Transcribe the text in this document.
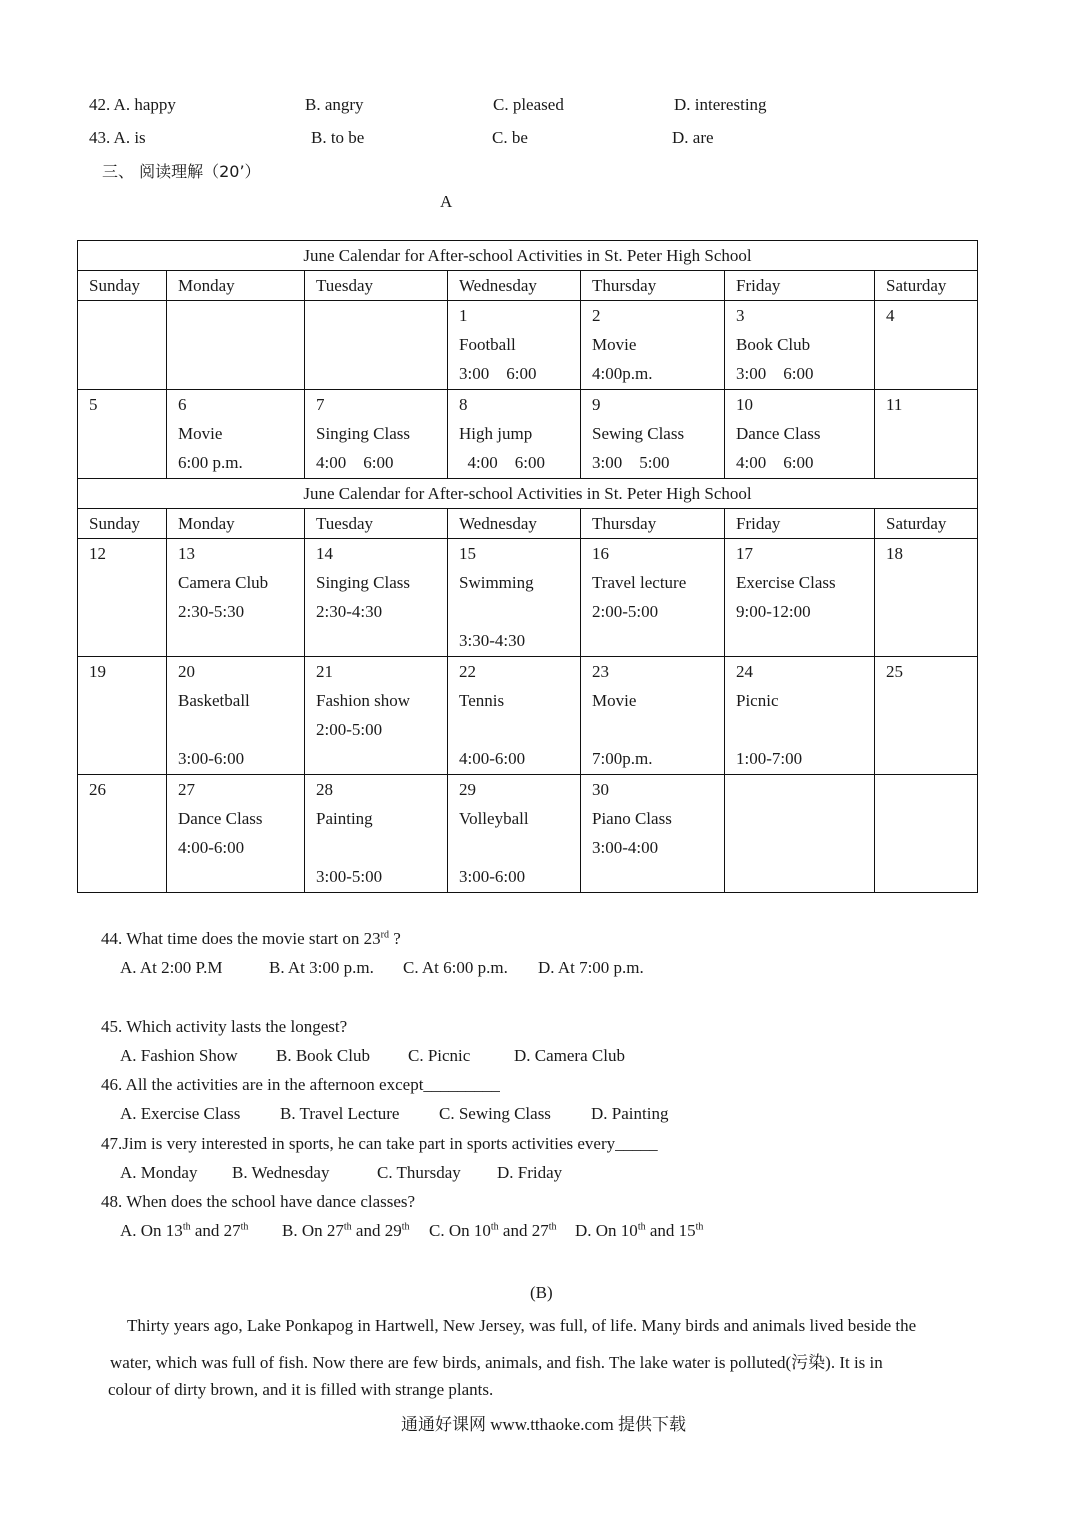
42. A. happy	B. angry	C. pleased	D. interesting
43. A. is	B. to be	C. be	D. are
三、 阅读理解（20’）
A
June Calendar for After-school Activities in St. Peter High School						
Sunday	Monday	Tuesday	Wednesday	Thursday	Friday	Saturday

			1
Football
3:00    6:00	2
Movie
4:00p.m.	3
Book Club
3:00    6:00	4

5	6
Movie
6:00 p.m.	7
Singing Class
4:00    6:00	8
High jump
4:00    6:00	9
Sewing Class
3:00    5:00	10
Dance Class
4:00    6:00	11

June Calendar for After-school Activities in St. Peter High School						
Sunday	Monday	Tuesday	Wednesday	Thursday	Friday	Saturday

12	13
Camera Club
2:30-5:30	14
Singing Class
2:30-4:30	15
Swimming
3:30-4:30	16
Travel lecture
2:00-5:00	17
Exercise Class
9:00-12:00	18

19	20
Basketball
3:00-6:00	21
Fashion show
2:00-5:00	22
Tennis
4:00-6:00	23
Movie
7:00p.m.	24
Picnic
1:00-7:00	25

26	27
Dance Class
4:00-6:00	28
Painting
3:00-5:00	29
Volleyball
3:00-6:00	30
Piano Class
3:00-4:00		

44. What time does the movie start on 23rd ?
A. At 2:00 P.M	B. At 3:00 p.m. C. At 6:00 p.m. D. At 7:00 p.m.
45. Which activity lasts the longest?
A. Fashion Show B. Book Club C. Picnic	D. Camera Club
46. All the activities are in the afternoon except_________
A. Exercise Class B. Travel Lecture C. Sewing Class D. Painting
47.Jim is very interested in sports, he can take part in sports activities every_____
A. Monday B. Wednesday	C. Thursday D. Friday
48. When does the school have dance classes?
A. On 13th and 27th B. On 27th and 29th C. On 10th and 27th D. On 10th and 15th
(B)
Thirty years ago, Lake Ponkapog in Hartwell, New Jersey, was full, of life. Many birds and animals lived beside the
water, which was full of fish. Now there are few birds, animals, and fish. The lake water is polluted(污染). It is in
colour of dirty brown, and it is filled with strange plants.
通通好课网 www.tthaoke.com 提供下载
